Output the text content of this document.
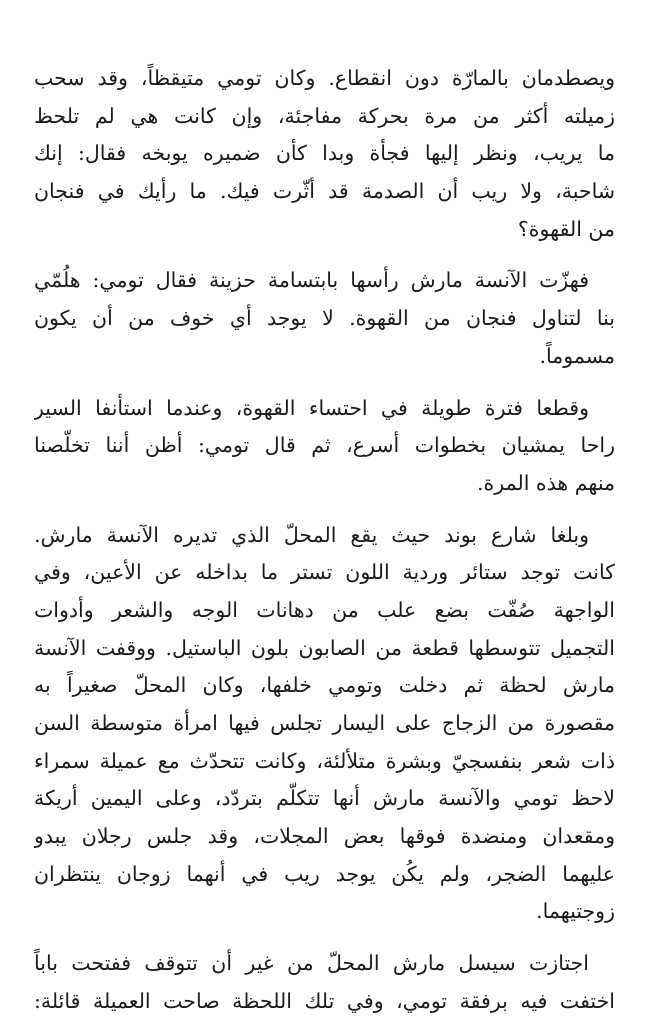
ويصطدمان بالمارّة دون انقطاع. وكان تومي متيقظاً، وقد سحب
زميلته أكثر من مرة بحركة مفاجئة، وإن كانت هي لم تلحظ
ما يريب، ونظر إليها فجأة وبدا كأن ضميره يوبخه فقال: إنك
شاحبة، ولا ريب أن الصدمة قد أثّرت فيك. ما رأيك في فنجان
من القهوة؟
فهزّت الآنسة مارش رأسها بابتسامة حزينة فقال تومي: هلُمّي
بنا لتناول فنجان من القهوة. لا يوجد أي خوف من أن يكون
مسموماً.
وقطعا فترة طويلة في احتساء القهوة، وعندما استأنفا السير
راحا يمشيان بخطوات أسرع، ثم قال تومي: أظن أننا تخلّصنا
منهم هذه المرة.
وبلغا شارع بوند حيث يقع المحلّ الذي تديره الآنسة مارش.
كانت توجد ستائر وردية اللون تستر ما بداخله عن الأعين، وفي
الواجهة صُفّت بضع علب من دهانات الوجه والشعر وأدوات
التجميل تتوسطها قطعة من الصابون بلون الباستيل. ووقفت الآنسة
مارش لحظة ثم دخلت وتومي خلفها، وكان المحلّ صغيراً به
مقصورة من الزجاج على اليسار تجلس فيها امرأة متوسطة السن
ذات شعر بنفسجيّ وبشرة متلألئة، وكانت تتحدّث مع عميلة سمراء
لاحظ تومي والآنسة مارش أنها تتكلّم بتردّد، وعلى اليمين أريكة
ومقعدان ومنضدة فوقها بعض المجلات، وقد جلس رجلان يبدو
عليهما الضجر، ولم يكُن يوجد ريب في أنهما زوجان ينتظران
زوجتيهما.
اجتازت سيسل مارش المحلّ من غير أن تتوقف ففتحت باباً
اختفت فيه برفقة تومي، وفي تلك اللحظة صاحت العميلة قائلة:
